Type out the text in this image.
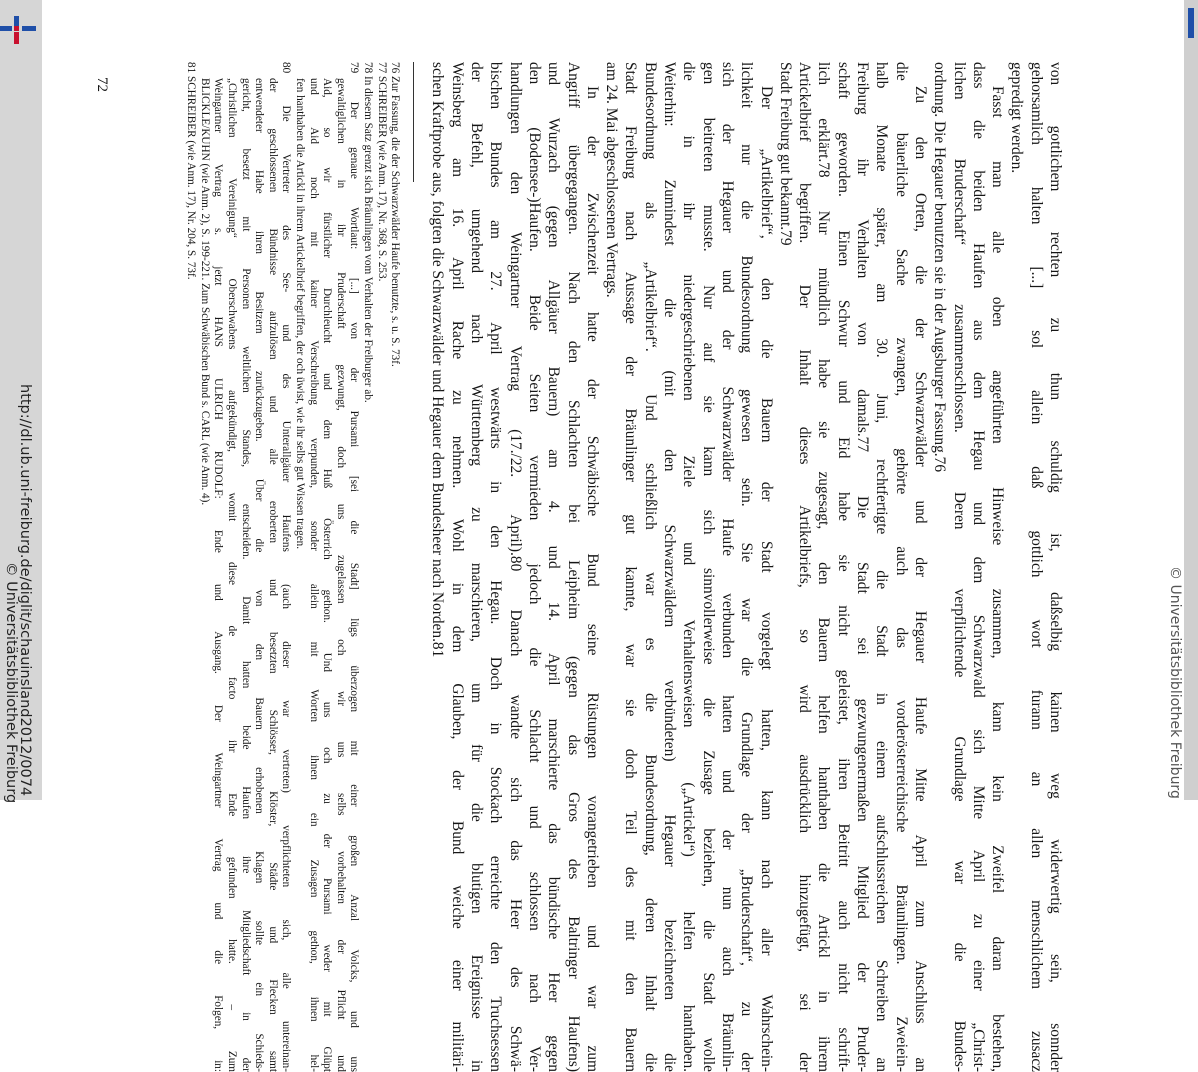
http://dl.ub.uni-freiburg.de/diglit/schauinsland2012/0074
© Universitätsbibliothek Freiburg	© Universitätsbibliothek Freiburg
72	von gottlichem rechten zu thun schuldig ist, daßselbig kainen weg widerwertig sein, sonnder
gehorsamlich halten [...] sol allein daß gottlich wort furann an allen menschlichem zusacz
gepredigt werden.
Fasst man alle oben angeführten Hinweise zusammen, kann kein Zweifel daran bestehen,
dass die beiden Haufen aus dem Hegau und dem Schwarzwald sich Mitte April zu einer „Christ-
lichen Bruderschaft“ zusammenschlossen. Deren verpflichtende Grundlage war die Bundes-
ordnung. Die Hegauer benutzten sie in der Augsburger Fassung.76
Zu den Orten, die der Schwarzwälder und der Hegauer Haufe Mitte April zum Anschluss an
die bäuerliche Sache zwangen, gehörte auch das vorderösterreichische Bräunlingen. Zweiein-
halb Monate später, am 30. Juni, rechtfertigte die Stadt in einem aufschlussreichen Schreiben an
Freiburg ihr Verhalten von damals.77 Die Stadt sei gezwungenermaßen Mitglied der Pruder-
schaft geworden. Einen Schwur und Eid habe sie nicht geleistet, ihren Beitritt auch nicht schrift-
lich erklärt.78 Nur mündlich habe sie zugesagt, den Bauern helfen hanthaben die Artickl in ihrem
Artickelbrief begriffen. Der Inhalt dieses Artikelbriefs, so wird ausdrücklich hinzugefügt, sei der
Stadt Freiburg gut bekannt.79
Der „Artikelbrief“, den die Bauern der Stadt vorgelegt hatten, kann nach aller Wahrschein-
lichkeit nur die Bundesordnung gewesen sein. Sie war die Grundlage der „Bruderschaft“, zu der
sich der Hegauer und der Schwarzwälder Haufe verbunden hatten und der nun auch Bräunlin-
gen beitreten musste. Nur auf sie kann sich sinnvollerweise die Zusage beziehen, die Stadt wolle
die in ihr niedergeschriebenen Ziele und Verhaltensweisen („Artickel“) helfen hanthaben.
Weiterhin: Zumindest die (mit den Schwarzwäldern verbündeten) Hegauer bezeichneten die
Bundesordnung als „Artikelbrief“. Und schließlich war es die Bundesordnung, deren Inhalt die
Stadt Freiburg nach Aussage der Bräunlinger gut kannte, war sie doch Teil des mit den Bauern
am 24. Mai abgeschlossenen Vertrags.
In der Zwischenzeit hatte der Schwäbische Bund seine Rüstungen vorangetrieben und war zum
Angriff übergegangen. Nach den Schlachten bei Leipheim (gegen das Gros des Baltringer Haufens)
und Wurzach (gegen Allgäuer Bauern) am 4. und 14. April marschierte das bündische Heer gegen
den (Bodensee-)Haufen. Beide Seiten vermieden jedoch die Schlacht und schlossen nach Ver-
handlungen den Weingartner Vertrag (17./22. April).80 Danach wandte sich das Heer des Schwä-
bischen Bundes am 27. April westwärts in den Hegau. Doch in Stockach erreichte den Truchsessen
der Befehl, umgehend nach Württemberg zu marschieren, um für die blutigen Ereignisse in
Weinsberg am 16. April Rache zu nehmen. Wohl in dem Glauben, der Bund weiche einer militäri-
schen Kraftprobe aus, folgten die Schwarzwälder und Hegauer dem Bundesheer nach Norden.81
76 Zur Fassung, die der Schwarzwälder Haufe benutzte, s. u. S. 73f.
77 SCHREIBER (wie Anm. 17), Nr. 368, S. 253.
78 In diesem Satz grenzt sich Bräunlingen vom Verhalten der Freiburger ab.
79 Der genaue Wortlaut: [...] von der Pursami [sei die Stadt] lügs überzogen mit einer großen Anzal Volcks, und uns
gewaltiglichen in ihr Pruderschaft gezwungt, doch uns zugelassen och wir uns selbs vorbehalten der Pflicht und
Aid, so wir fürstlicher Durchleucht und dem Huß Österrich gethon. Und uns och zu der Pursami weder mit Glüpt
und Aid noch mit kainer Verschreibung verpunden, sonder allein mit Worten ihnen ein Zusagen gethon, ihnen hel-
fen hanthaben die Artickl in ihrem Artickelbrief begriffen, der och üwist, wie ihr selbs gut Wissen tragen.
80 Die Vertreter des See- und des Unterallgäuer Haufens (auch dieser war vertreten) verpflichteten sich, alle untereinan-
der geschlossenen Bündnisse aufzulösen und alle eroberten und besetzten Schlösser, Klöster, Städte und Flecken samt
entwendeter Habe ihren Besitzern zurückzugeben. Über die von den Bauern erhobenen Klagen sollte ein Schieds-
gericht, besetzt mit Personen weltlichen Standes, entscheiden. Damit hatten beide Haufen ihre Mitgliedschaft in der
„Christlichen Vereinigung“ Oberschwabens aufgekündigt, womit diese de facto ihr Ende gefunden hatte. – Zum
Weingartner Vertrag s. jetzt HANS ULRICH RUDOLF: Ende und Ausgang. Der Weingartner Vertrag und die Folgen, in:
BLICKLE/KUHN (wie Anm. 2), S. 199-221. Zum Schwäbischen Bund s. CARL (wie Anm. 4).
81 SCHREIBER (wie Anm. 17), Nr. 204, S. 73f.
